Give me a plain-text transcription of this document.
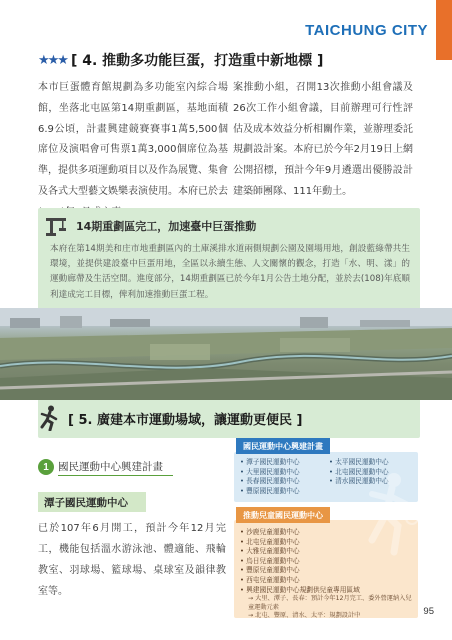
TAICHUNG CITY
★★★ [ 4. 推動多功能巨蛋，打造重中新地標 ]
本市巨蛋體育館規劃為多功能室內綜合場館，坐落北屯區第14期重劃區，基地面積6.9公頃，計畫興建競賽賽事1萬5,500個席位及演唱會可售票1萬3,000個席位為基準，提供多項運動項目以及作為展覽、集會及各式大型藝文娛樂表演使用。本府已於去
案推動小組，召開13次推動小組會議及26次工作小組會議，目前辦理可行性評估及成本效益分析相關作業，並辦理委託規劃設計案。本府已於今年2月19日上網公開招標，預計今年9月遴選出優勝設計建築師團隊、111年動土。
14期重劃區完工，加速臺中巨蛋推動
本府在第14期美和庄市地重劃區內的土庫溪排水道兩側規劃公園及園場用地，創設藍綠帶共生環境，並提供建設臺中巨蛋用地，全區以永續生態、人文關懷的觀念，打造「水、明、漾」的運動廊帶及生活空間。進度部分，14期重劃區已於今年1月公告土地分配，並於去(108)年底順利達成完工目標，俾利加速推動巨蛋工程。
[ 5. 廣建本市運動場域，讓運動更便民 ]
1 國民運動中心興建計畫
潭子國民運動中心
已於107年6月開工，預計今年12月完工，機能包括溫水游泳池、體適能、飛輪教室、羽球場、籃球場、桌球室及韻律教室等。
國民運動中心興建計畫
• 潭子國民運動中心	• 太平國民運動中心
• 大里國民運動中心	• 北屯國民運動中心
• 長春國民運動中心	• 清水國民運動中心
• 豐原國民運動中心
推動兒童國民運動中心
• 沙鹿兒童運動中心
• 北屯兒童運動中心
• 大雅兒童運動中心
• 烏日兒童運動中心
• 豐原兒童運動中心
• 西屯兒童運動中心
• 興建國民運動中心規劃供兒童專用區域
→ 大里、潭子、長春：預計今年12月完工、委外營運納入兒童運動元素
→ 北屯、豐原、清水、太平：規劃設計中	95
